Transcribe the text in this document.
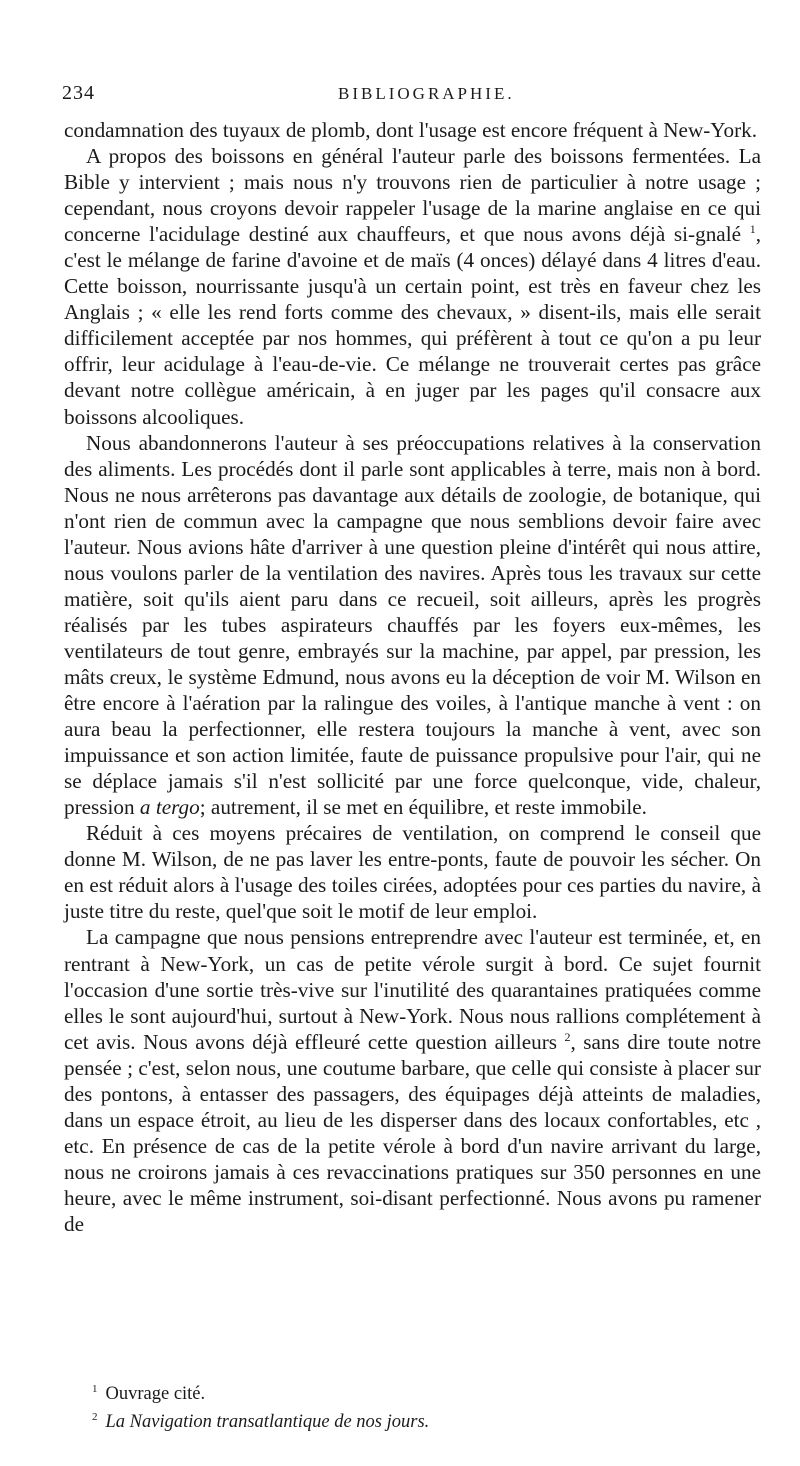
234	BIBLIOGRAPHIE.

condamnation des tuyaux de plomb, dont l'usage est encore fréquent à New-York.

A propos des boissons en général l'auteur parle des boissons fermentées. La Bible y intervient ; mais nous n'y trouvons rien de particulier à notre usage ; cependant, nous croyons devoir rappeler l'usage de la marine anglaise en ce qui concerne l'acidulage destiné aux chauffeurs, et que nous avons déjà si-gnalé $^1$, c'est le mélange de farine d'avoine et de maïs (4 onces) délayé dans 4 litres d'eau. Cette boisson, nourrissante jusqu'à un certain point, est très en faveur chez les Anglais ; « elle les rend forts comme des chevaux, » disent-ils, mais elle serait difficilement acceptée par nos hommes, qui préfèrent à tout ce qu'on a pu leur offrir, leur acidulage à l'eau-de-vie. Ce mélange ne trouverait certes pas grâce devant notre collègue américain, à en juger par les pages qu'il consacre aux boissons alcooliques.

Nous abandonnerons l'auteur à ses préoccupations relatives à la conservation des aliments. Les procédés dont il parle sont applicables à terre, mais non à bord. Nous ne nous arrêterons pas davantage aux détails de zoologie, de botanique, qui n'ont rien de commun avec la campagne que nous semblions devoir faire avec l'auteur. Nous avions hâte d'arriver à une question pleine d'intérêt qui nous attire, nous voulons parler de la ventilation des navires. Après tous les travaux sur cette matière, soit qu'ils aient paru dans ce recueil, soit ailleurs, après les progrès réalisés par les tubes aspirateurs chauffés par les foyers eux-mêmes, les ventilateurs de tout genre, embrayés sur la machine, par appel, par pression, les mâts creux, le système Edmund, nous avons eu la déception de voir M. Wilson en être encore à l'aération par la ralingue des voiles, à l'antique manche à vent : on aura beau la perfectionner, elle restera toujours la manche à vent, avec son impuissance et son action limitée, faute de puissance propulsive pour l'air, qui ne se déplace jamais s'il n'est sollicité par une force quelconque, vide, chaleur, pression a tergo; autrement, il se met en équilibre, et reste immobile.

Réduit à ces moyens précaires de ventilation, on comprend le conseil que donne M. Wilson, de ne pas laver les entre-ponts, faute de pouvoir les sécher. On en est réduit alors à l'usage des toiles cirées, adoptées pour ces parties du navire, à juste titre du reste, quel'que soit le motif de leur emploi.

La campagne que nous pensions entreprendre avec l'auteur est terminée, et, en rentrant à New-York, un cas de petite vérole surgit à bord. Ce sujet fournit l'occasion d'une sortie très-vive sur l'inutilité des quarantaines pratiquées comme elles le sont aujourd'hui, surtout à New-York. Nous nous rallions complétement à cet avis. Nous avons déjà effleuré cette question ailleurs $^2$, sans dire toute notre pensée ; c'est, selon nous, une coutume barbare, que celle qui consiste à placer sur des pontons, à entasser des passagers, des équipages déjà atteints de maladies, dans un espace étroit, au lieu de les disperser dans des locaux confortables, etc , etc. En présence de cas de la petite vérole à bord d'un navire arrivant du large, nous ne croirons jamais à ces revaccinations pratiques sur 350 personnes en une heure, avec le même instrument, soi-disant perfectionné. Nous avons pu ramener de

$^1$ Ouvrage cité.

$^2$ La Navigation transatlantique de nos jours.
